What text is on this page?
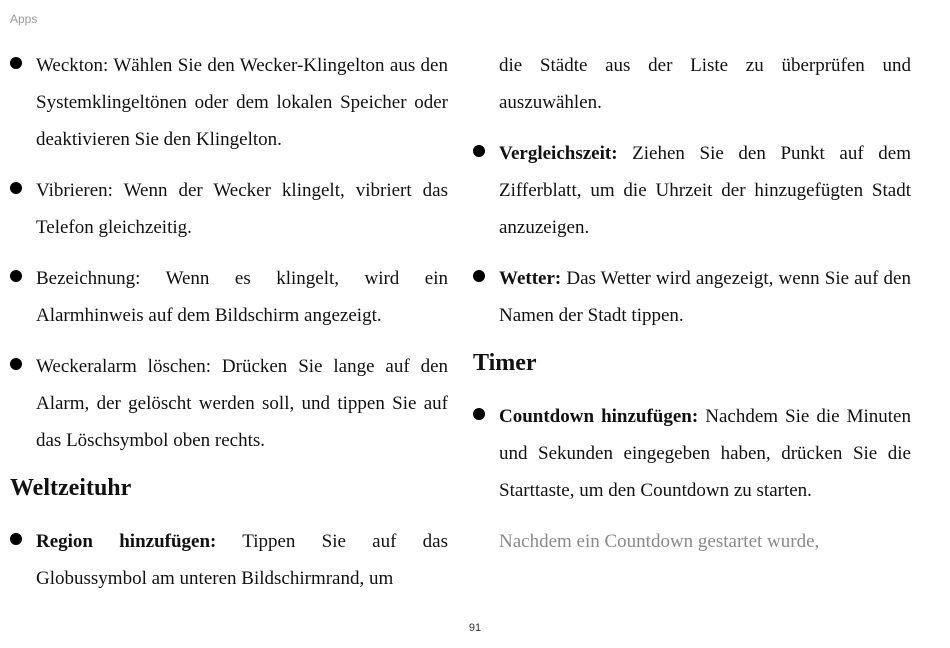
Apps
Weckton: Wählen Sie den Wecker-Klingelton aus den Systemklingeltönen oder dem lokalen Speicher oder deaktivieren Sie den Klingelton.
Vibrieren: Wenn der Wecker klingelt, vibriert das Telefon gleichzeitig.
Bezeichnung: Wenn es klingelt, wird ein Alarmhinweis auf dem Bildschirm angezeigt.
Weckeralarm löschen: Drücken Sie lange auf den Alarm, der gelöscht werden soll, und tippen Sie auf das Löschsymbol oben rechts.
Weltzeituhr
Region hinzufügen: Tippen Sie auf das Globussymbol am unteren Bildschirmrand, um
die Städte aus der Liste zu überprüfen und auszuwählen.
Vergleichszeit: Ziehen Sie den Punkt auf dem Zifferblatt, um die Uhrzeit der hinzugefügten Stadt anzuzeigen.
Wetter: Das Wetter wird angezeigt, wenn Sie auf den Namen der Stadt tippen.
Timer
Countdown hinzufügen: Nachdem Sie die Minuten und Sekunden eingegeben haben, drücken Sie die Starttaste, um den Countdown zu starten.
Nachdem ein Countdown gestartet wurde,
91
